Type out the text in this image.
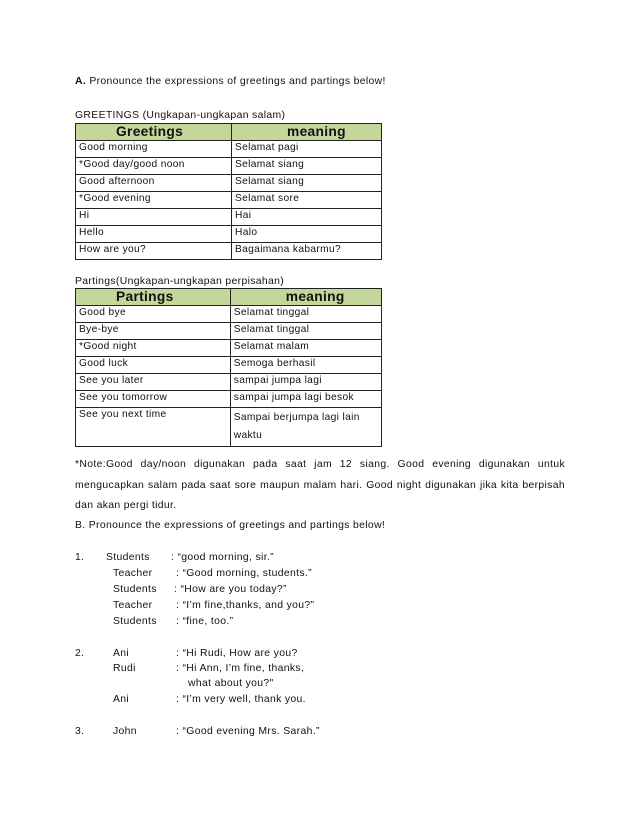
A. Pronounce the expressions of greetings and partings below!
GREETINGS (Ungkapan-ungkapan salam)
Greetings	meaning
Good morning	Selamat pagi
*Good day/good noon	Selamat siang
Good afternoon	Selamat siang
*Good evening	Selamat sore
Hi	Hai
Hello	Halo
How are you?	Bagaimana kabarmu?
Partings(Ungkapan-ungkapan perpisahan)
Partings	meaning
Good bye	Selamat tinggal
Bye-bye	Selamat tinggal
*Good night	Selamat malam
Good luck	Semoga berhasil
See you later	sampai jumpa lagi
See you tomorrow	sampai jumpa lagi besok
See you next time	Sampai berjumpa lagi lain waktu
*Note:Good day/noon digunakan pada saat jam 12 siang. Good evening digunakan untuk mengucapkan salam pada saat sore maupun malam hari. Good night digunakan jika kita berpisah dan akan pergi tidur.
B. Pronounce the expressions of greetings and partings below!
1. Students : “good morning, sir.”
Teacher : “Good morning, students.”
Students : “How are you today?”
Teacher : “I’m fine,thanks, and you?”
Students : “fine, too.”
2.	Ani	: “Hi Rudi, How are you?
Rudi	: “Hi Ann, I’m fine, thanks,
what about you?"
Ani	: “I’m very well, thank you.
3.	John	: “Good evening Mrs. Sarah.”
